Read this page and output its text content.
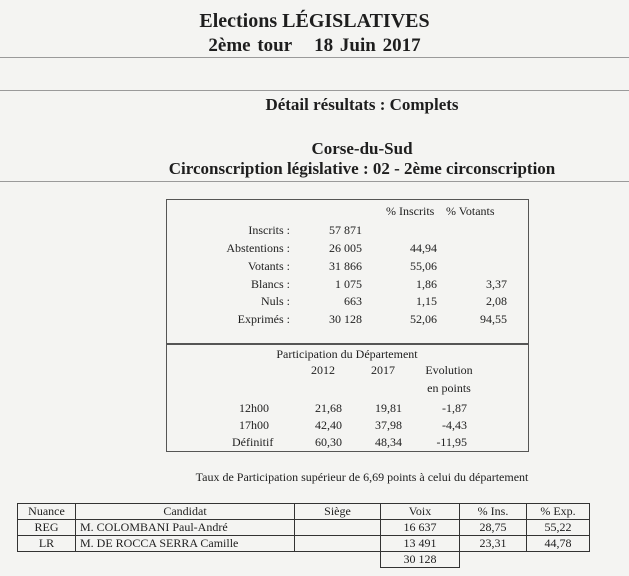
Elections LÉGISLATIVES
2ème tour 18 Juin 2017
Détail résultats : Complets
Corse-du-Sud
Circonscription législative : 02 - 2ème circonscription
% Inscrits % Votants
Inscrits :	57 871
Abstentions :	26 005	44,94
Votants :	31 866	55,06
Blancs :	1 075	1,86	3,37
Nuls :	663	1,15	2,08
Exprimés :	30 128	52,06	94,55
Participation du Département
2012	2017	Evolution
en points
12h00	21,68	19,81	-1,87
17h00	42,40	37,98	-4,43
Définitif	60,30	48,34	-11,95
Taux de Participation supérieur de 6,69 points à celui du département
Nuance	Candidat	Siège	Voix	% Ins.	% Exp.
REG	M. COLOMBANI Paul-André		16 637	28,75	55,22
LR	M. DE ROCCA SERRA Camille		13 491	23,31	44,78
			30 128		
